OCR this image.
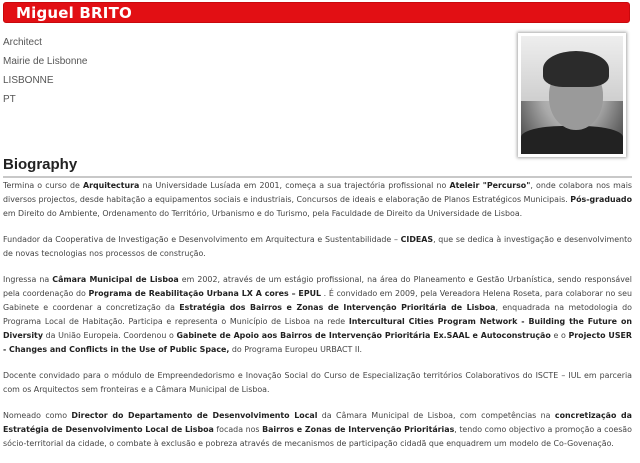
Miguel BRITO
Architect
Mairie de Lisbonne
LISBONNE
PT
Biography

Termina o curso de Arquitectura na Universidade Lusíada em 2001, começa a sua trajectória profissional no Ateleir "Percurso", onde colabora nos mais diversos projectos, desde habitação a equipamentos sociais e industriais, Concursos de ideais e elaboração de Planos Estratégicos Municipais. Pós-graduado em Direito do Ambiente, Ordenamento do Território, Urbanismo e do Turismo, pela Faculdade de Direito da Universidade de Lisboa.

Fundador da Cooperativa de Investigação e Desenvolvimento em Arquitectura e Sustentabilidade – CIDEAS, que se dedica à investigação e desenvolvimento de novas tecnologias nos processos de construção.

Ingressa na Câmara Municipal de Lisboa em 2002, através de um estágio profissional, na área do Planeamento e Gestão Urbanística, sendo responsável pela coordenação do Programa de Reabilitação Urbana LX A cores – EPUL . É convidado em 2009, pela Vereadora Helena Roseta, para colaborar no seu Gabinete e coordenar a concretização da Estratégia dos Bairros e Zonas de Intervenção Prioritária de Lisboa, enquadrada na metodologia do Programa Local de Habitação. Participa e representa o Município de Lisboa na rede Intercultural Cities Program Network - Building the Future on Diversity da União Europeia. Coordenou o Gabinete de Apoio aos Bairros de Intervenção Prioritária Ex.SAAL e Autoconstrução e o Projecto USER - Changes and Conflicts in the Use of Public Space, do Programa Europeu URBACT II.

Docente convidado para o módulo de Empreendedorismo e Inovação Social do Curso de Especialização territórios Colaborativos do ISCTE – IUL em parceria com os Arquitectos sem fronteiras e a Câmara Municipal de Lisboa.

Nomeado como Director do Departamento de Desenvolvimento Local da Câmara Municipal de Lisboa, com competências na concretização da Estratégia de Desenvolvimento Local de Lisboa focada nos Bairros e Zonas de Intervenção Prioritárias, tendo como objectivo a promoção a coesão sócio-territorial da cidade, o combate à exclusão e pobreza através de mecanismos de participação cidadã que enquadrem um modelo de Co-Govenação.
